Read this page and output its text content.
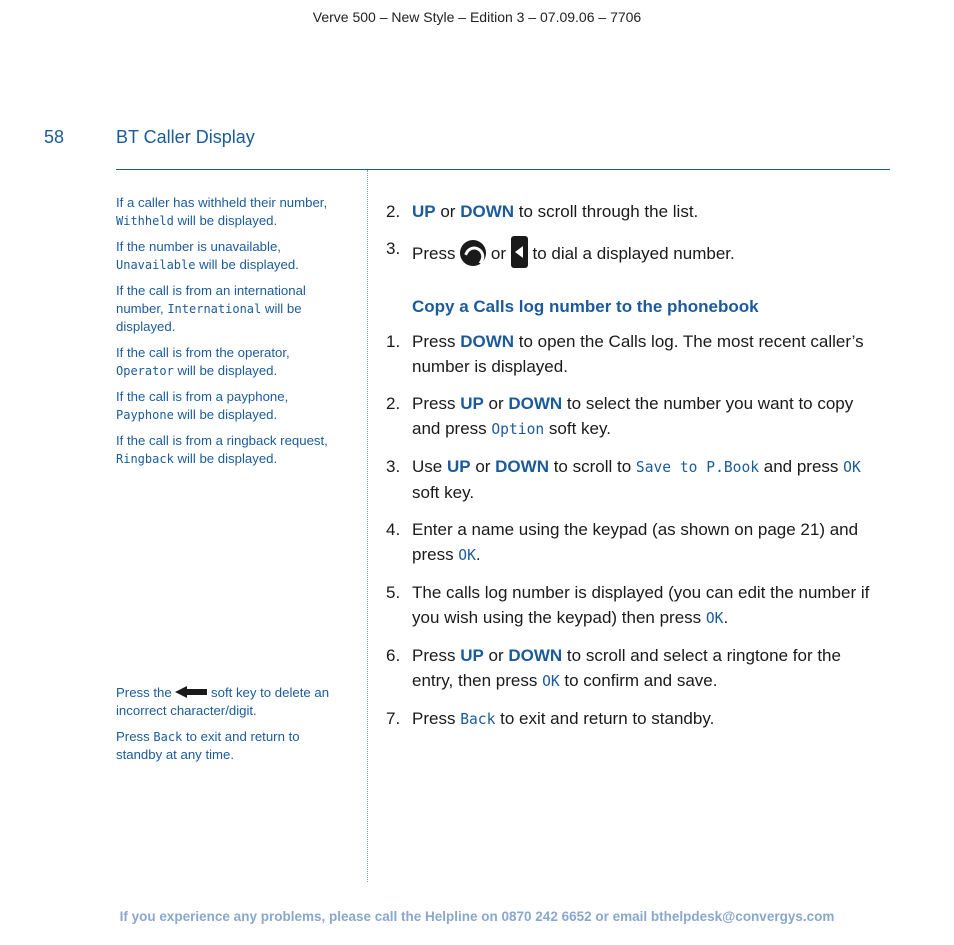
Verve 500 – New Style – Edition 3 – 07.09.06 – 7706
58	BT Caller Display

If a caller has withheld their number, Withheld will be displayed.

If the number is unavailable, Unavailable will be displayed.

If the call is from an international number, International will be displayed.

If the call is from the operator, Operator will be displayed.

If the call is from a payphone, Payphone will be displayed.

If the call is from a ringback request, Ringback will be displayed.

Press the  soft key to delete an incorrect character/digit.

Press Back to exit and return to standby at any time.

2. UP or DOWN to scroll through the list.
3. Press  or  to dial a displayed number.
Copy a Calls log number to the phonebook
1. Press DOWN to open the Calls log. The most recent caller’s number is displayed.
2. Press UP or DOWN to select the number you want to copy and press Option soft key.
3. Use UP or DOWN to scroll to Save to P.Book and press OK soft key.
4. Enter a name using the keypad (as shown on page 21) and press OK.
5. The calls log number is displayed (you can edit the number if you wish using the keypad) then press OK.
6. Press UP or DOWN to scroll and select a ringtone for the entry, then press OK to confirm and save.
7. Press Back to exit and return to standby.
If you experience any problems, please call the Helpline on 0870 242 6652 or email bthelpdesk@convergys.com
